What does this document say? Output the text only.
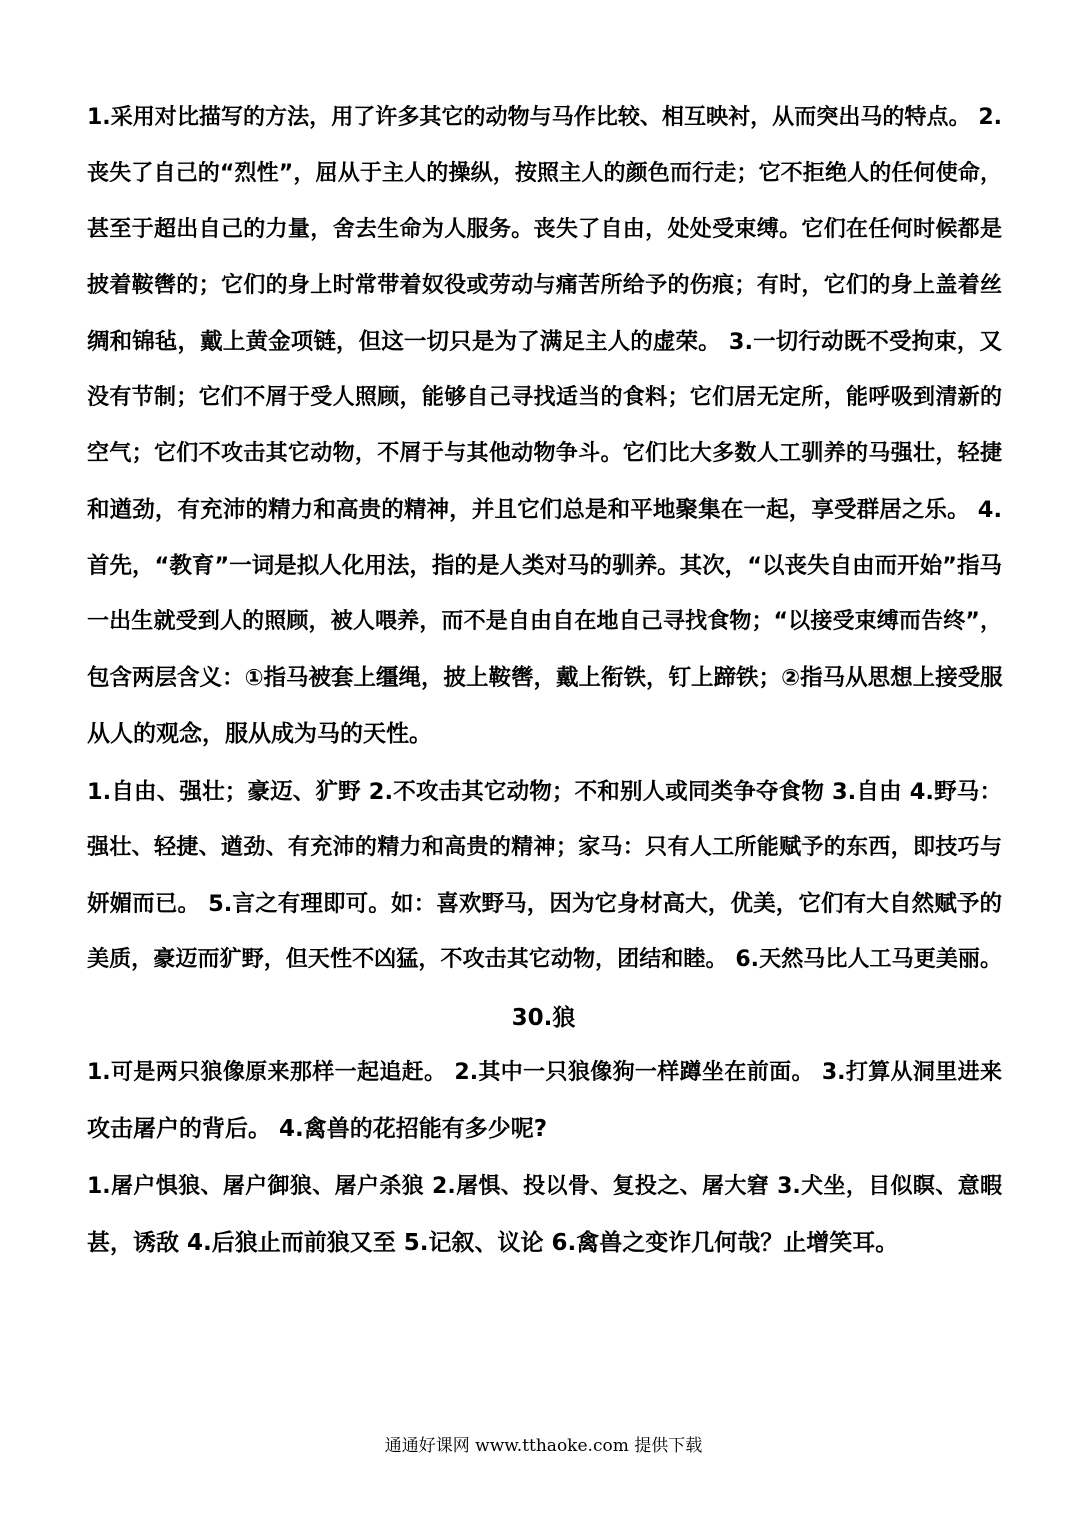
1.采用对比描写的方法，用了许多其它的动物与马作比较、相互映衬，从而突出马的特点。 2.
丧失了自己的“烈性”，屈从于主人的操纵，按照主人的颜色而行走；它不拒绝人的任何使命，
甚至于超出自己的力量，舍去生命为人服务。丧失了自由，处处受束缚。它们在任何时候都是
披着鞍辔的；它们的身上时常带着奴役或劳动与痛苦所给予的伤痕；有时，它们的身上盖着丝
绸和锦毡，戴上黄金项链，但这一切只是为了满足主人的虚荣。 3.一切行动既不受拘束，又
没有节制；它们不屑于受人照顾，能够自己寻找适当的食料；它们居无定所，能呼吸到清新的
空气；它们不攻击其它动物，不屑于与其他动物争斗。它们比大多数人工驯养的马强壮，轻捷
和遒劲，有充沛的精力和高贵的精神，并且它们总是和平地聚集在一起，享受群居之乐。 4.
首先，“教育”一词是拟人化用法，指的是人类对马的驯养。其次，“以丧失自由而开始”指马
一出生就受到人的照顾，被人喂养，而不是自由自在地自己寻找食物；“以接受束缚而告终”，
包含两层含义：①指马被套上缰绳，披上鞍辔，戴上衔铁，钉上蹄铁；②指马从思想上接受服
从人的观念，服从成为马的天性。
1.自由、强壮；豪迈、犷野 2.不攻击其它动物；不和别人或同类争夺食物 3.自由 4.野马：
强壮、轻捷、遒劲、有充沛的精力和高贵的精神；家马：只有人工所能赋予的东西，即技巧与
妍媚而已。 5.言之有理即可。如：喜欢野马，因为它身材高大，优美，它们有大自然赋予的
美质，豪迈而犷野，但天性不凶猛，不攻击其它动物，团结和睦。 6.天然马比人工马更美丽。
30.狼
1.可是两只狼像原来那样一起追赶。 2.其中一只狼像狗一样蹲坐在前面。 3.打算从洞里进来
攻击屠户的背后。 4.禽兽的花招能有多少呢?
1.屠户惧狼、屠户御狼、屠户杀狼 2.屠惧、投以骨、复投之、屠大窘 3.犬坐，目似瞑、意暇
甚，诱敌 4.后狼止而前狼又至 5.记叙、议论 6.禽兽之变诈几何哉？止增笑耳。
通通好课网 www.tthaoke.com 提供下载
